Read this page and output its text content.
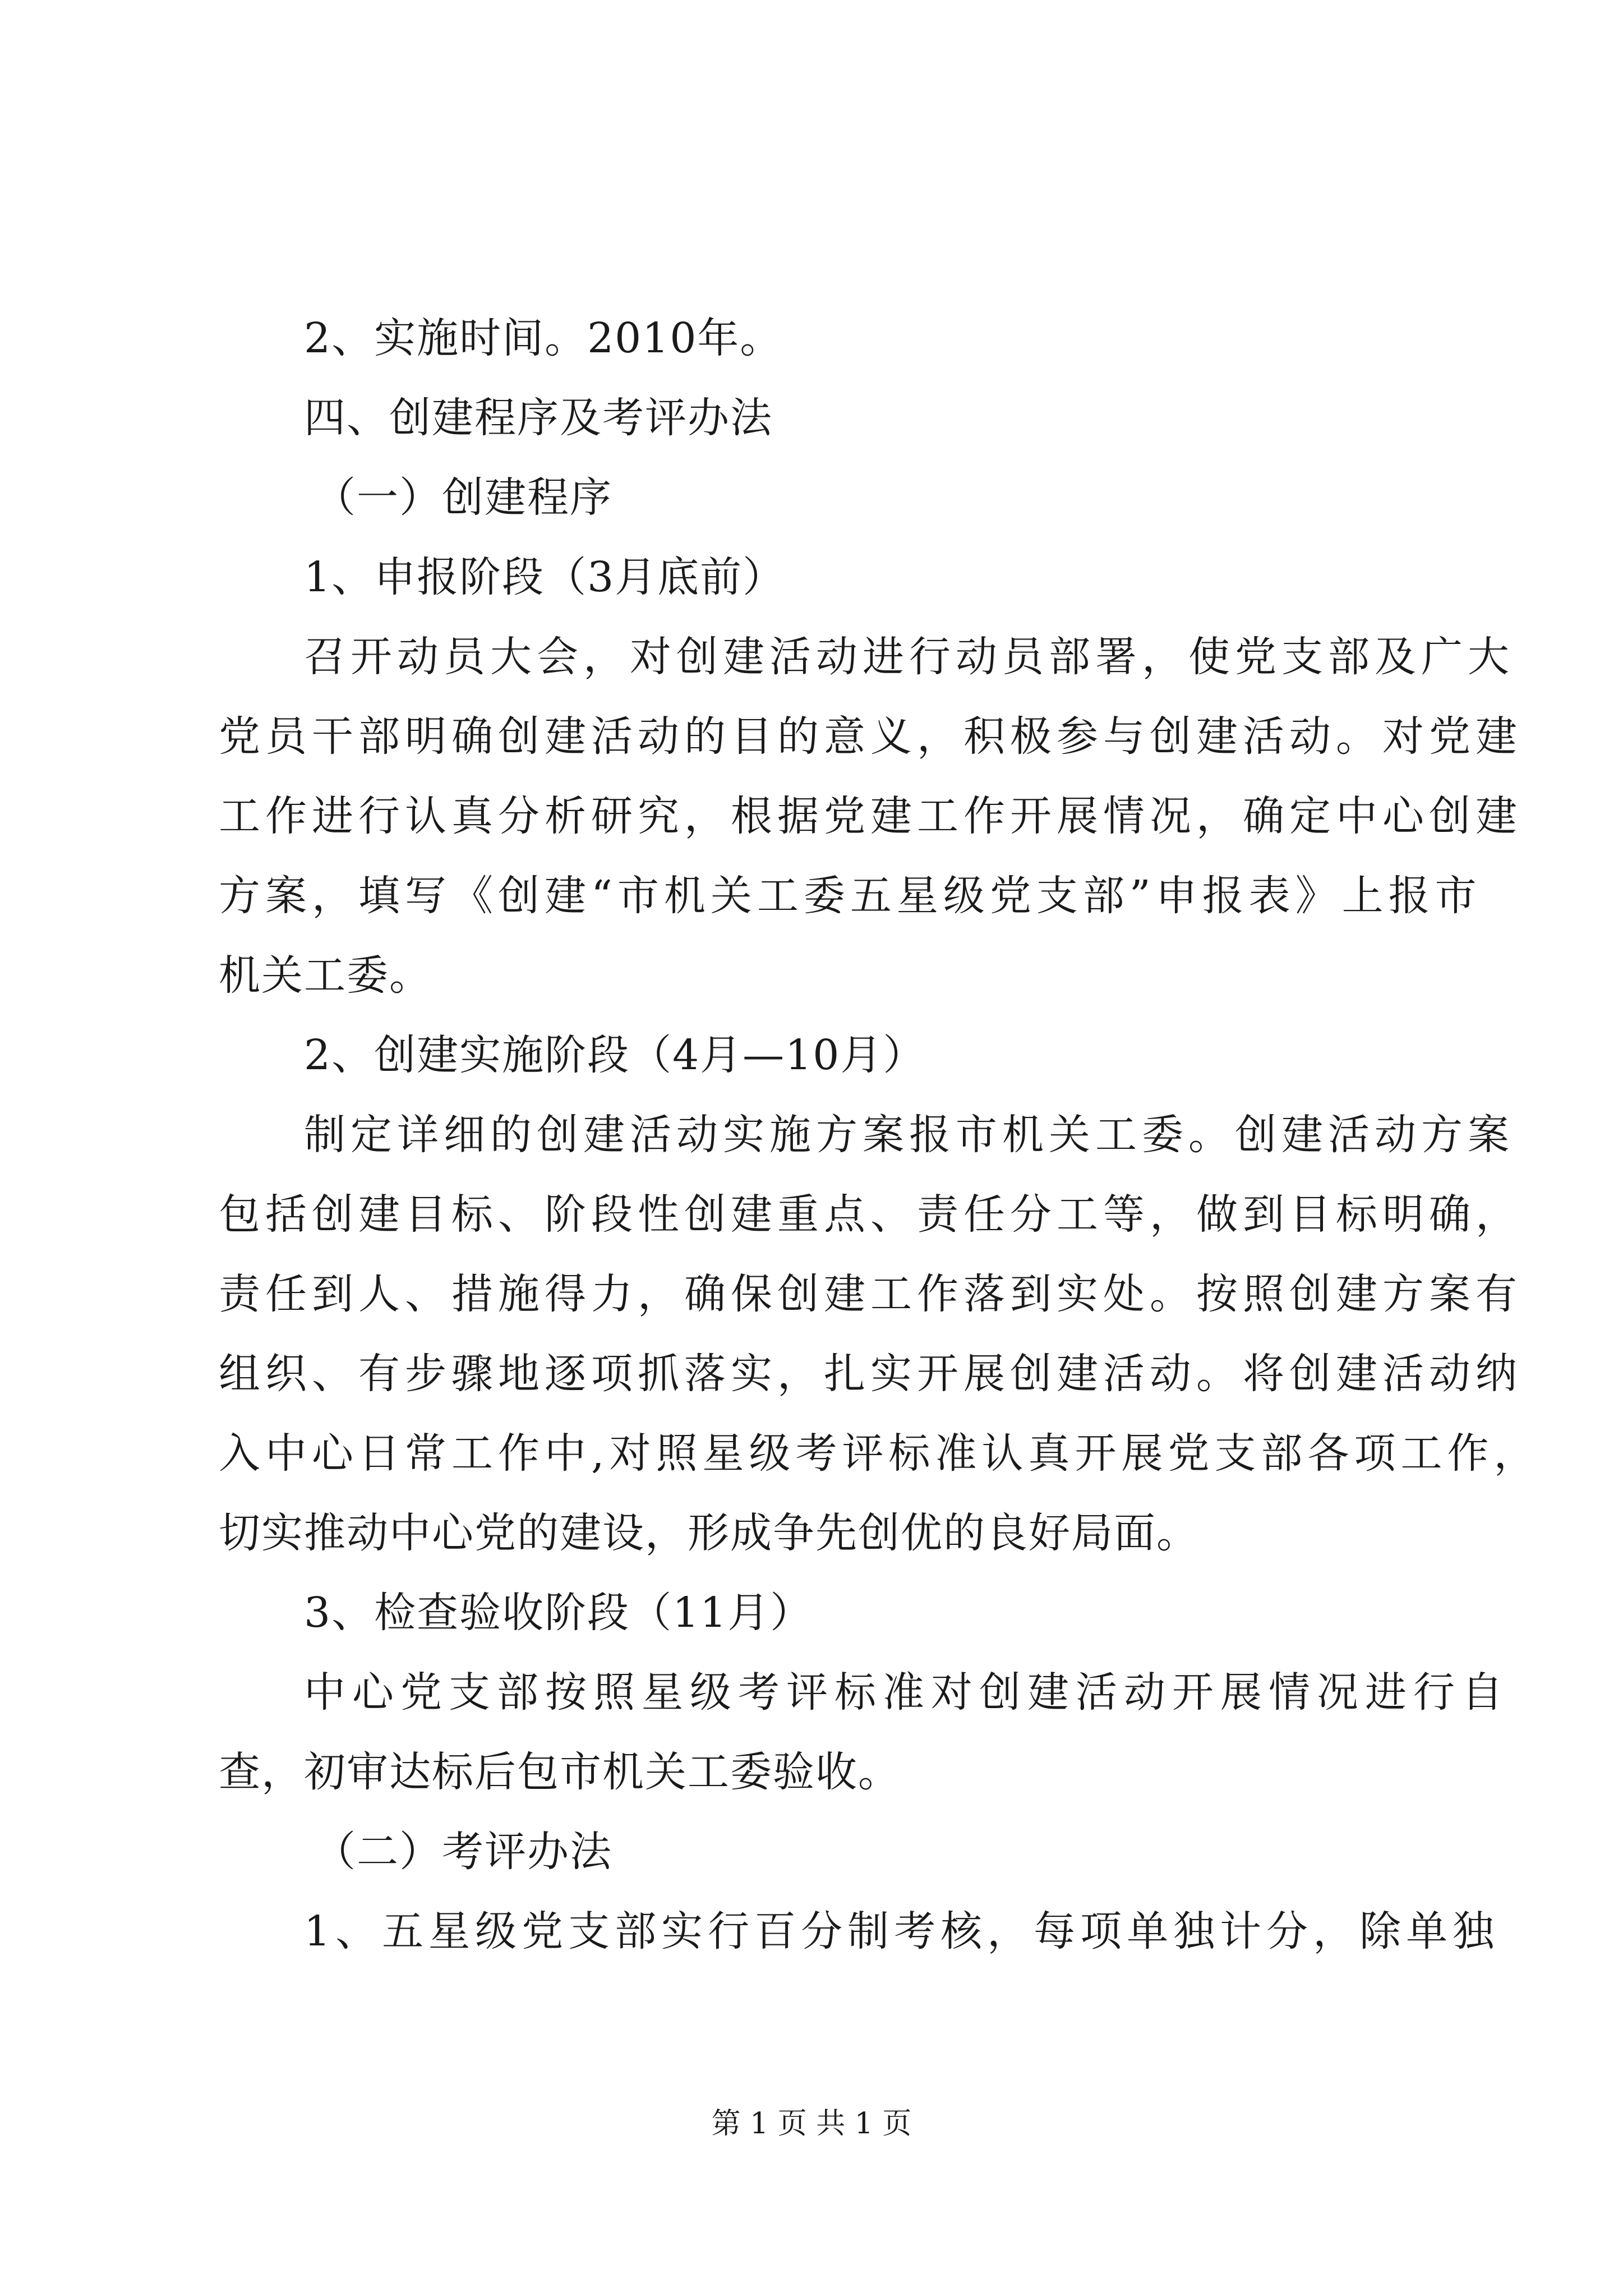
2、实施时间。2010年。
四、创建程序及考评办法
（一）创建程序
1、申报阶段（3月底前）
召开动员大会，对创建活动进行动员部署，使党支部及广大
党员干部明确创建活动的目的意义，积极参与创建活动。对党建
工作进行认真分析研究，根据党建工作开展情况，确定中心创建
方案，填写《创建“市机关工委五星级党支部”申报表》上报市
机关工委。
2、创建实施阶段（4月—10月）
制定详细的创建活动实施方案报市机关工委。创建活动方案
包括创建目标、阶段性创建重点、责任分工等，做到目标明确，
责任到人、措施得力，确保创建工作落到实处。按照创建方案有
组织、有步骤地逐项抓落实，扎实开展创建活动。将创建活动纳
入中心日常工作中,对照星级考评标准认真开展党支部各项工作，
切实推动中心党的建设，形成争先创优的良好局面。
3、检查验收阶段（11月）
中心党支部按照星级考评标准对创建活动开展情况进行自
查，初审达标后包市机关工委验收。
（二）考评办法
1、五星级党支部实行百分制考核，每项单独计分，除单独
第 1 页 共 1 页
